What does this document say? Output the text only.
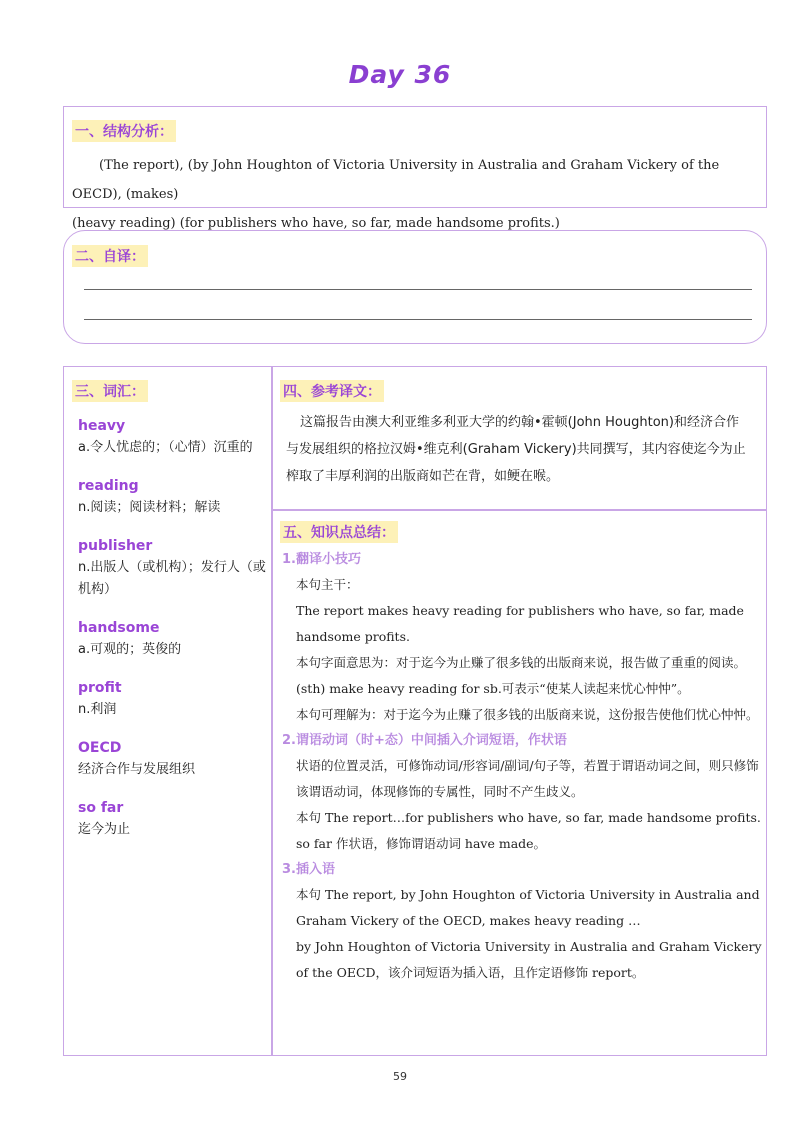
Day 36
一、结构分析：
(The report), (by John Houghton of Victoria University in Australia and Graham Vickery of the OECD), (makes)
(heavy reading) (for publishers who have, so far, made handsome profits.)
二、自译：
三、词汇：
heavy
a.令人忧虑的；（心情）沉重的
reading
n.阅读；阅读材料；解读
publisher
n.出版人（或机构）；发行人（或机构）
handsome
a.可观的；英俊的
profit
n.利润
OECD
经济合作与发展组织
so far
迄今为止
四、参考译文：
这篇报告由澳大利亚维多利亚大学的约翰•霍顿(John Houghton)和经济合作
与发展组织的格拉汉姆•维克利(Graham Vickery)共同撰写，其内容使迄今为止
榨取了丰厚利润的出版商如芒在背，如鲠在喉。
五、知识点总结：
1.翻译小技巧
本句主干：
The report makes heavy reading for publishers who have, so far, made handsome profits.
本句字面意思为：对于迄今为止赚了很多钱的出版商来说，报告做了重重的阅读。
(sth) make heavy reading for sb.可表示“使某人读起来忧心忡忡”。
本句可理解为：对于迄今为止赚了很多钱的出版商来说，这份报告使他们忧心忡忡。
2.谓语动词（时+态）中间插入介词短语，作状语
状语的位置灵活，可修饰动词/形容词/副词/句子等，若置于谓语动词之间，则只修饰该谓语动词，体现修饰的专属性，同时不产生歧义。
本句 The report…for publishers who have, so far, made handsome profits.
so far 作状语，修饰谓语动词 have made。
3.插入语
本句 The report, by John Houghton of Victoria University in Australia and Graham Vickery of the OECD, makes heavy reading …
by John Houghton of Victoria University in Australia and Graham Vickery of the OECD，该介词短语为插入语，且作定语修饰 report。
59
